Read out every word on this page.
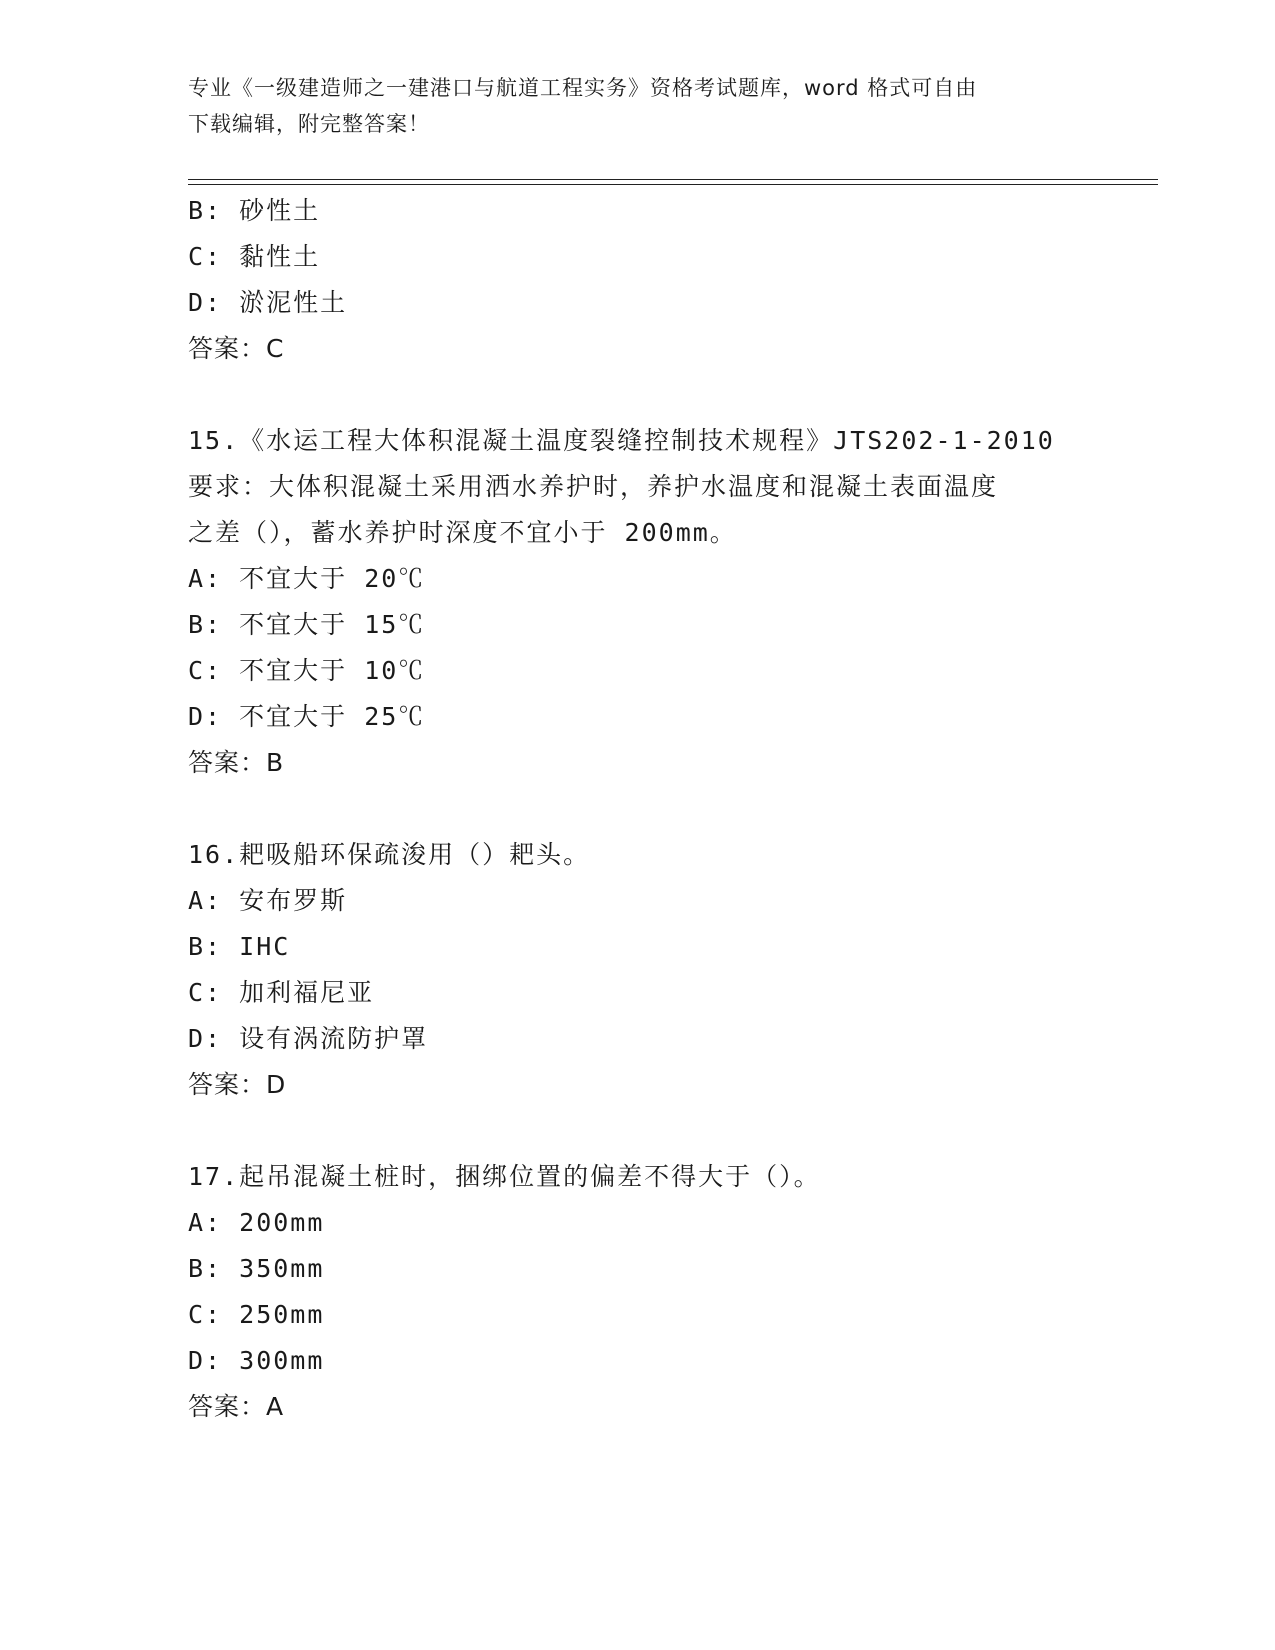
专业《一级建造师之一建港口与航道工程实务》资格考试题库，word 格式可自由
下载编辑，附完整答案！
B: 砂性土
C: 黏性土
D: 淤泥性土
答案：C
15.《水运工程大体积混凝土温度裂缝控制技术规程》JTS202-1-2010
要求：大体积混凝土采用洒水养护时，养护水温度和混凝土表面温度
之差（），蓄水养护时深度不宜小于 200mm。
A: 不宜大于 20℃
B: 不宜大于 15℃
C: 不宜大于 10℃
D: 不宜大于 25℃
答案：B
16.耙吸船环保疏浚用（）耙头。
A: 安布罗斯
B: IHC
C: 加利福尼亚
D: 设有涡流防护罩
答案：D
17.起吊混凝土桩时，捆绑位置的偏差不得大于（）。
A: 200mm
B: 350mm
C: 250mm
D: 300mm
答案：A
